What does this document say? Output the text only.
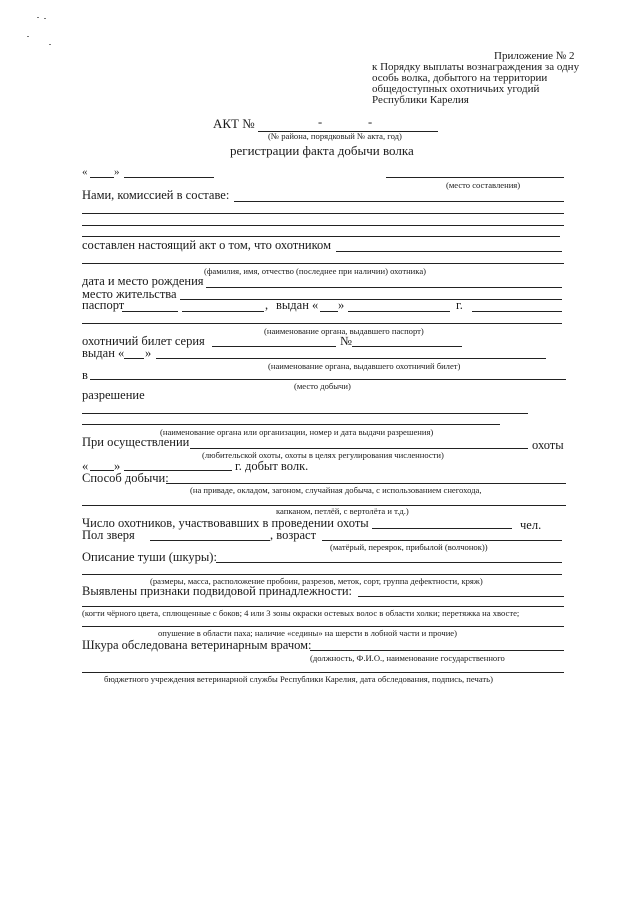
Приложение № 2
к Порядку выплаты вознаграждения за одну
особь волка, добытого на территории
общедоступных охотничьих угодий
Республики Карелия
АКТ №	-	-
(№ района, порядковый № акта, год)
регистрации факта добычи волка
« »
(место составления)
Нами, комиссией в составе:
составлен настоящий акт о том, что охотником
(фамилия, имя, отчество (последнее при наличии) охотника)
дата и место рождения
место жительства
паспорт	, выдан « »	г.
(наименование органа, выдавшего паспорт)
охотничий билет серия	№
выдан « »
(наименование органа, выдавшего охотничий билет)
в
(место добычи)
разрешение
(наименование органа или организации, номер и дата выдачи разрешения)
При осуществлении	охоты
(любительской охоты, охоты в целях регулирования численности)
« »	г. добыт волк.
Способ добычи:
(на приваде, окладом, загоном, случайная добыча, с использованием снегохода,
капканом, петлёй, с вертолёта и т.д.)
Число охотников, участвовавших в проведении охоты	чел.
Пол зверя	, возраст
(матёрый, переярок, прибылой (волчонок))
Описание туши (шкуры):
(размеры, масса, расположение пробоин, разрезов, меток, сорт, группа дефектности, кряж)
Выявлены признаки подвидовой принадлежности:
(когти чёрного цвета, сплющенные с боков; 4 или 3 зоны окраски остевых волос в области холки; перетяжка на хвосте;
опушение в области паха; наличие «седины» на шерсти в лобной части и прочие)
Шкура обследована ветеринарным врачом:
(должность, Ф.И.О., наименование государственного
бюджетного учреждения ветеринарной службы Республики Карелия, дата обследования, подпись, печать)
